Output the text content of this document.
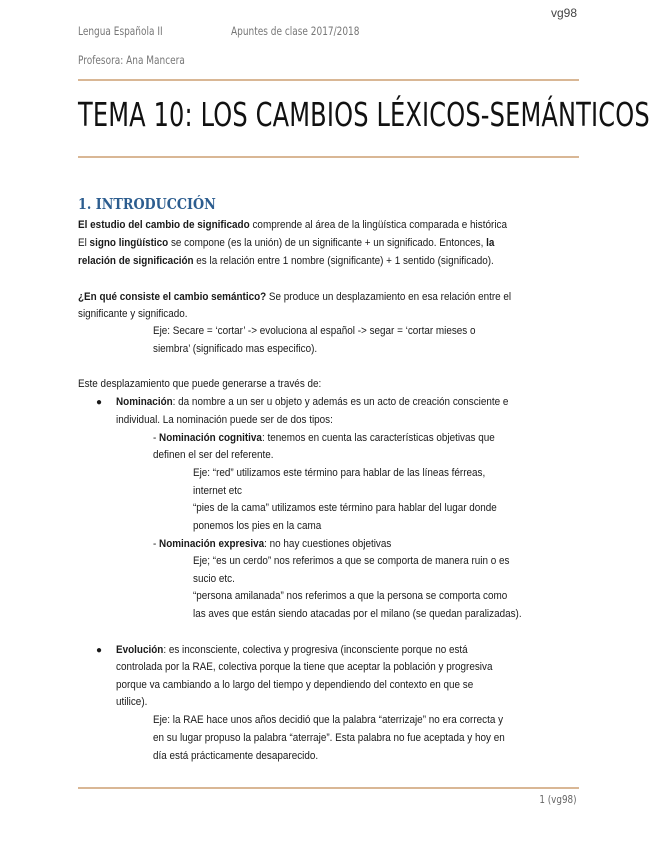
vg98
Lengua Española II	Apuntes de clase 2017/2018
Profesora: Ana Mancera
TEMA 10: LOS CAMBIOS LÉXICOS-SEMÁNTICOS
1. INTRODUCCIÓN
El estudio del cambio de significado comprende al área de la lingüística comparada e histórica
El signo lingüístico se compone (es la unión) de un significante + un significado. Entonces, la
relación de significación es la relación entre 1 nombre (significante) + 1 sentido (significado).
¿En qué consiste el cambio semántico? Se produce un desplazamiento en esa relación entre el
significante y significado.
Eje: Secare = ‘cortar’ -> evoluciona al español -> segar = ‘cortar mieses o
siembra’ (significado mas especifico).
Este desplazamiento que puede generarse a través de:
● Nominación: da nombre a un ser u objeto y además es un acto de creación consciente e
individual. La nominación puede ser de dos tipos:
- Nominación cognitiva: tenemos en cuenta las características objetivas que
definen el ser del referente.
Eje: “red” utilizamos este término para hablar de las líneas férreas,
internet etc
“pies de la cama” utilizamos este término para hablar del lugar donde
ponemos los pies en la cama
- Nominación expresiva: no hay cuestiones objetivas
Eje; “es un cerdo” nos referimos a que se comporta de manera ruin o es
sucio etc.
“persona amilanada” nos referimos a que la persona se comporta como
las aves que están siendo atacadas por el milano (se quedan paralizadas).
● Evolución: es inconsciente, colectiva y progresiva (inconsciente porque no está
controlada por la RAE, colectiva porque la tiene que aceptar la población y progresiva
porque va cambiando a lo largo del tiempo y dependiendo del contexto en que se
utilice).
Eje: la RAE hace unos años decidió que la palabra “aterrizaje” no era correcta y
en su lugar propuso la palabra “aterraje”. Esta palabra no fue aceptada y hoy en
día está prácticamente desaparecido.
1 (vg98)
